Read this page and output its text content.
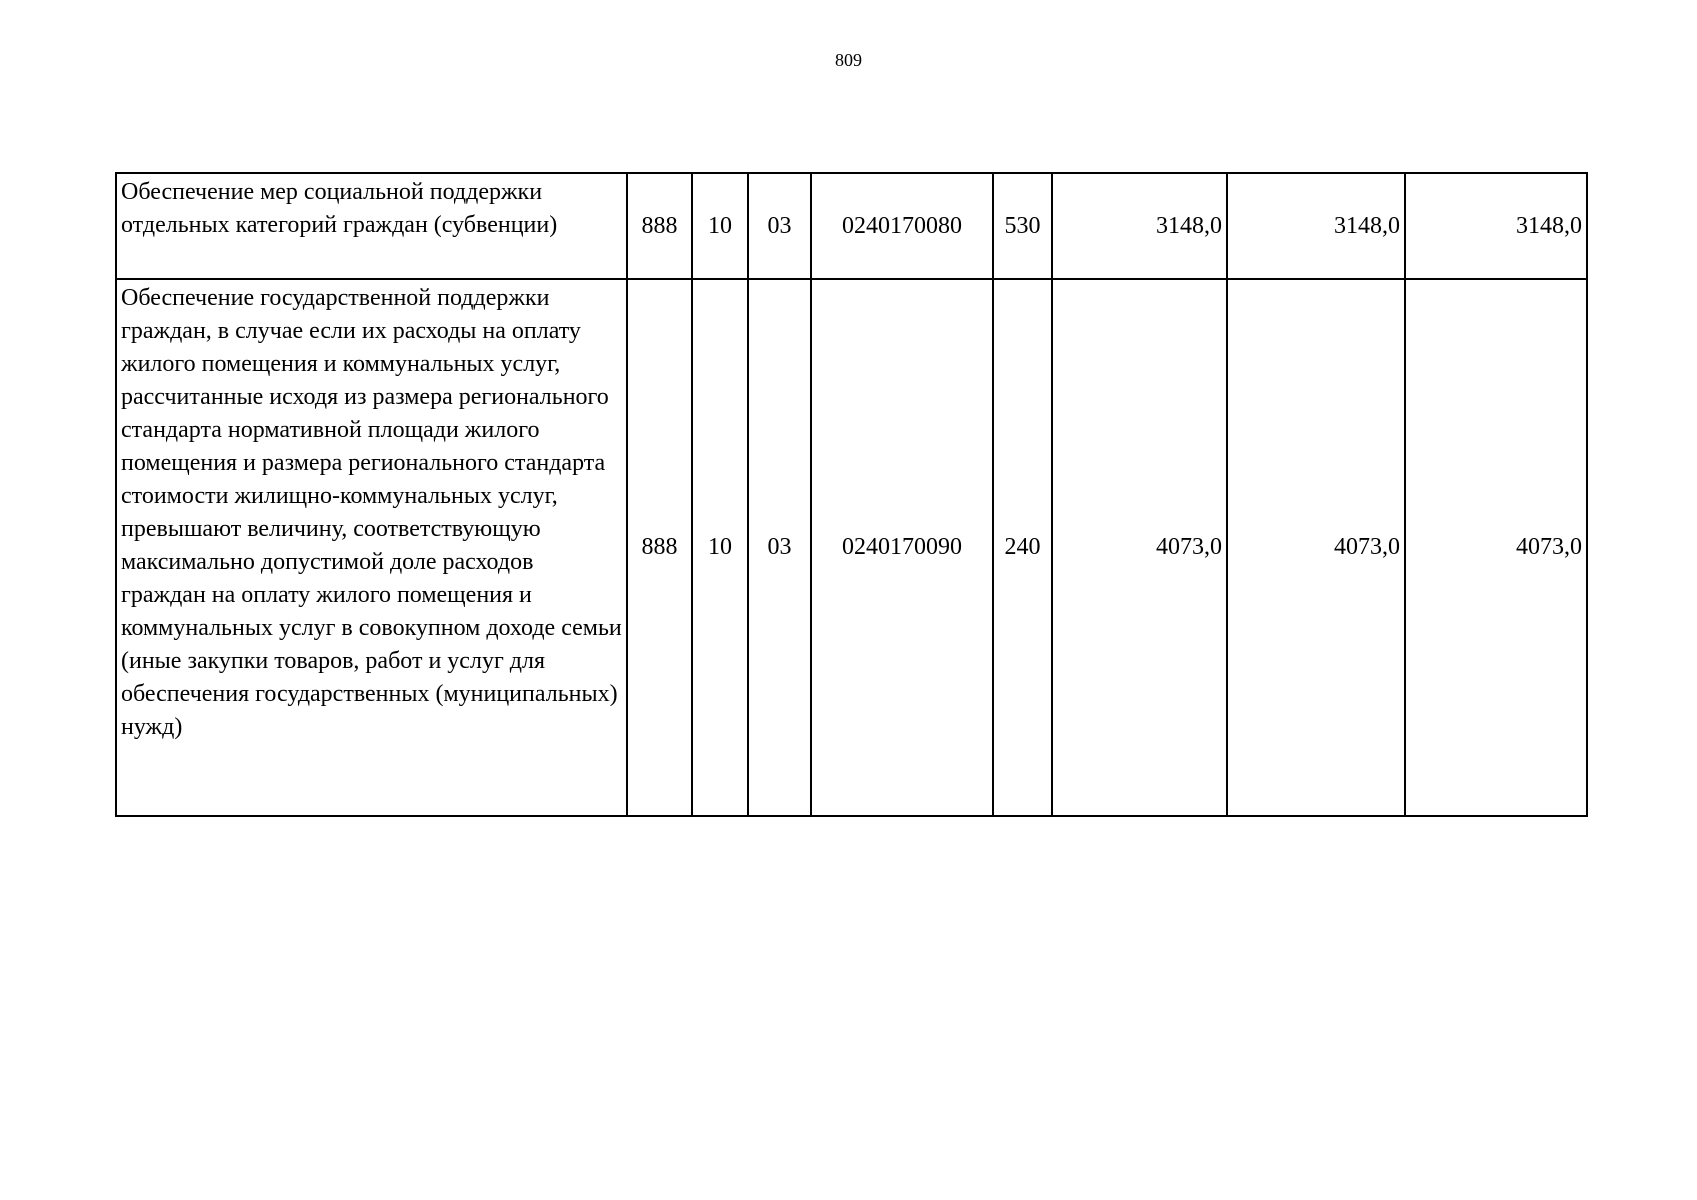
809
Обеспечение мер социальной поддержки отдельных категорий граждан (субвенции)	888	10	03	0240170080	530	3148,0	3148,0	3148,0
Обеспечение государственной поддержки граждан, в случае если их расходы на оплату жилого помещения и коммунальных услуг, рассчитанные исходя из размера регионального стандарта нормативной площади жилого помещения и размера регионального стандарта стоимости жилищно-коммунальных услуг, превышают величину, соответствующую максимально допустимой доле расходов граждан на оплату жилого помещения и коммунальных услуг в совокупном доходе семьи (иные закупки товаров, работ и услуг для обеспечения государственных (муниципальных) нужд)	888	10	03	0240170090	240	4073,0	4073,0	4073,0
